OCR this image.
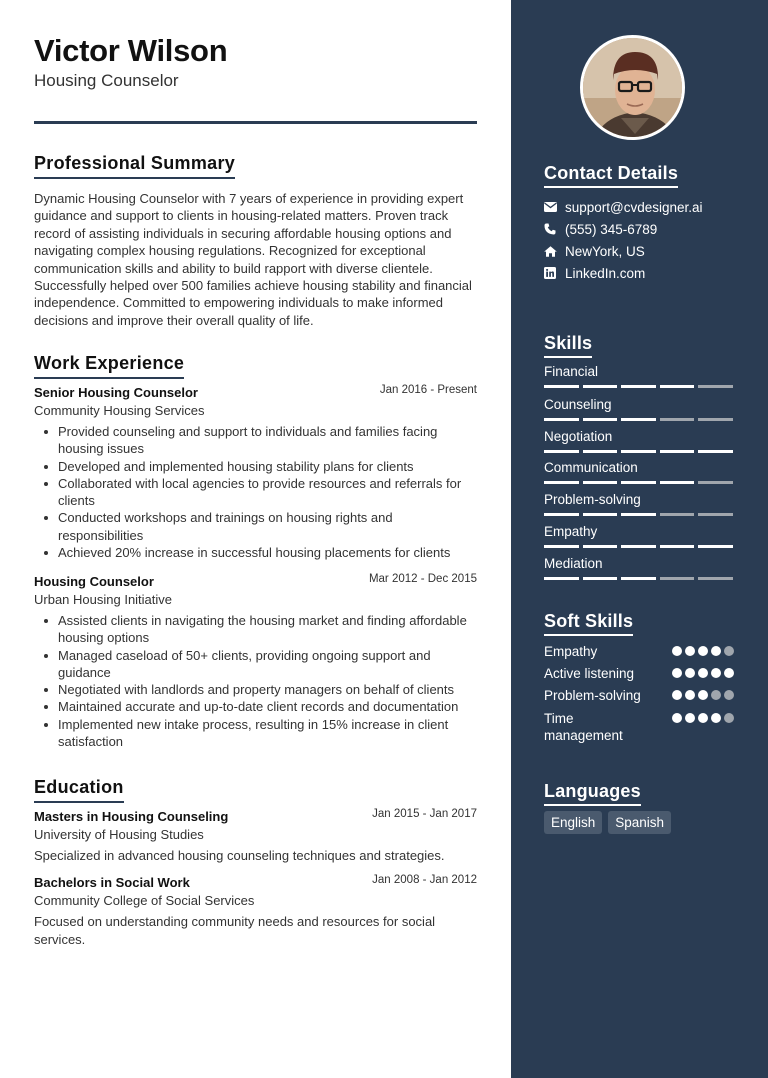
Victor Wilson
Housing Counselor
Professional Summary

Dynamic Housing Counselor with 7 years of experience in providing expert guidance and support to clients in housing-related matters. Proven track record of assisting individuals in securing affordable housing options and navigating complex housing regulations. Recognized for exceptional communication skills and ability to build rapport with diverse clientele. Successfully helped over 500 families achieve housing stability and financial independence. Committed to empowering individuals to make informed decisions and improve their overall quality of life.

Work Experience
Senior Housing Counselor	Jan 2016 - Present
Community Housing Services
Provided counseling and support to individuals and families facing housing issues
Developed and implemented housing stability plans for clients
Collaborated with local agencies to provide resources and referrals for clients
Conducted workshops and trainings on housing rights and responsibilities
Achieved 20% increase in successful housing placements for clients
Housing Counselor	Mar 2012 - Dec 2015
Urban Housing Initiative
Assisted clients in navigating the housing market and finding affordable housing options
Managed caseload of 50+ clients, providing ongoing support and guidance
Negotiated with landlords and property managers on behalf of clients
Maintained accurate and up-to-date client records and documentation
Implemented new intake process, resulting in 15% increase in client satisfaction
Education
Masters in Housing Counseling	Jan 2015 - Jan 2017
University of Housing Studies
Specialized in advanced housing counseling techniques and strategies.
Bachelors in Social Work	Jan 2008 - Jan 2012
Community College of Social Services
Focused on understanding community needs and resources for social services.
Contact Details
support@cvdesigner.ai
(555) 345-6789
NewYork, US
LinkedIn.com
Skills
Financial
Counseling
Negotiation
Communication
Problem-solving
Empathy
Mediation
Soft Skills
Empathy
Active listening
Problem-solving
Time management
Languages
English	Spanish
